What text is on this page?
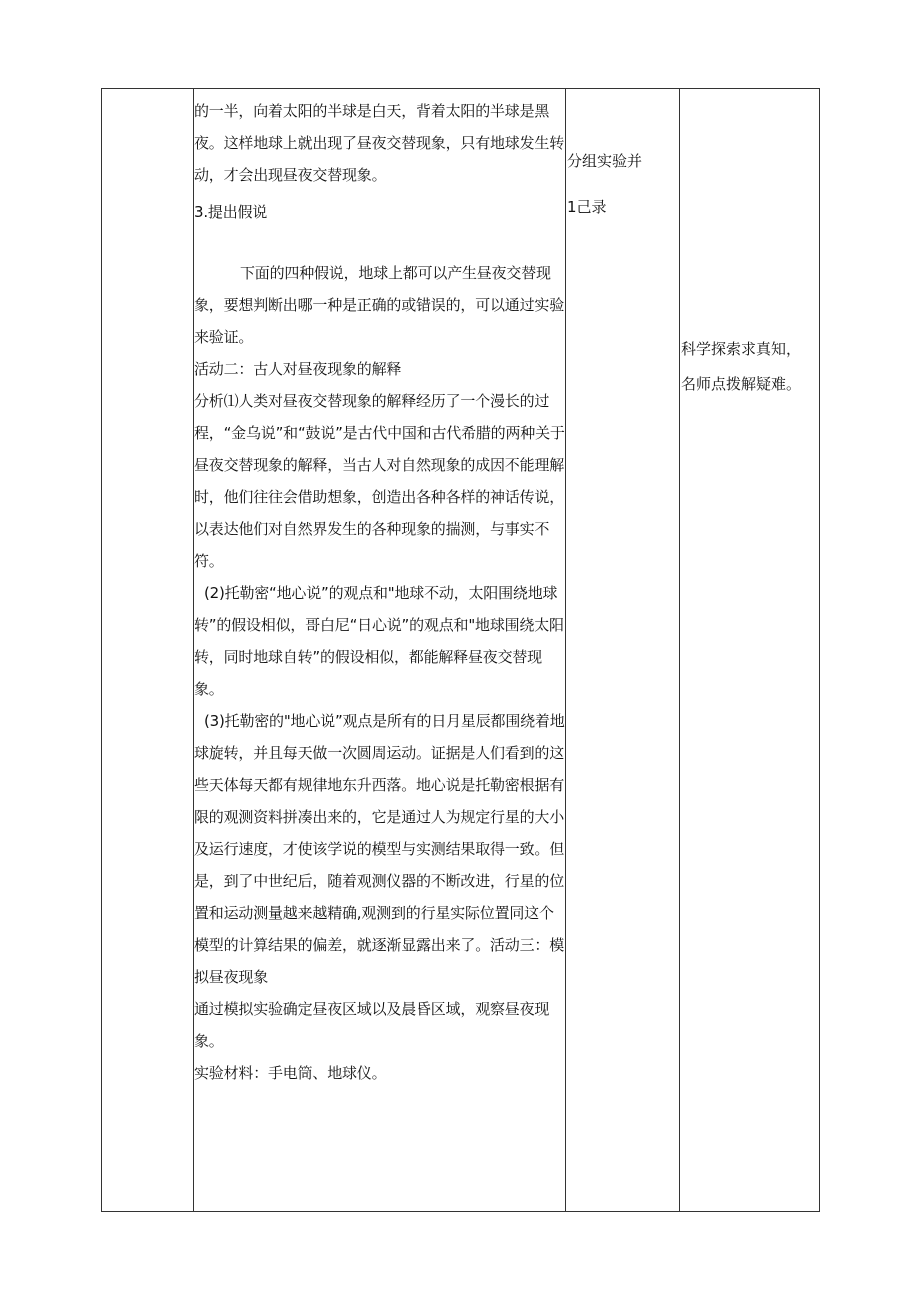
的一半，向着太阳的半球是白天，背着太阳的半球是黑夜。这样地球上就出现了昼夜交替现象，只有地球发生转动，才会出现昼夜交替现象。

3.提出假说

下面的四种假说，地球上都可以产生昼夜交替现象，要想判断出哪一种是正确的或错误的，可以通过实验来验证。

活动二：古人对昼夜现象的解释

分析⑴人类对昼夜交替现象的解释经历了一个漫长的过程，“金乌说”和“鼓说”是古代中国和古代希腊的两种关于昼夜交替现象的解释，当古人对自然现象的成因不能理解时，他们往往会借助想象，创造出各种各样的神话传说，以表达他们对自然界发生的各种现象的揣测，与事实不符。

(2)托勒密“地心说”的观点和"地球不动，太阳围绕地球转”的假设相似，哥白尼“日心说”的观点和"地球围绕太阳转，同时地球自转”的假设相似，都能解释昼夜交替现象。

(3)托勒密的"地心说”观点是所有的日月星辰都围绕着地球旋转，并且每天做一次圆周运动。证据是人们看到的这些天体每天都有规律地东升西落。地心说是托勒密根据有限的观测资料拼凑出来的，它是通过人为规定行星的大小及运行速度，才使该学说的模型与实测结果取得一致。但是，到了中世纪后，随着观测仪器的不断改进，行星的位置和运动测量越来越精确,观测到的行星实际位置同这个模型的计算结果的偏差，就逐渐显露出来了。活动三：模拟昼夜现象

通过模拟实验确定昼夜区域以及晨昏区域，观察昼夜现象。

实验材料：手电筒、地球仪。

分组实验并

1己录

科学探索求真知，

名师点拨解疑难。
